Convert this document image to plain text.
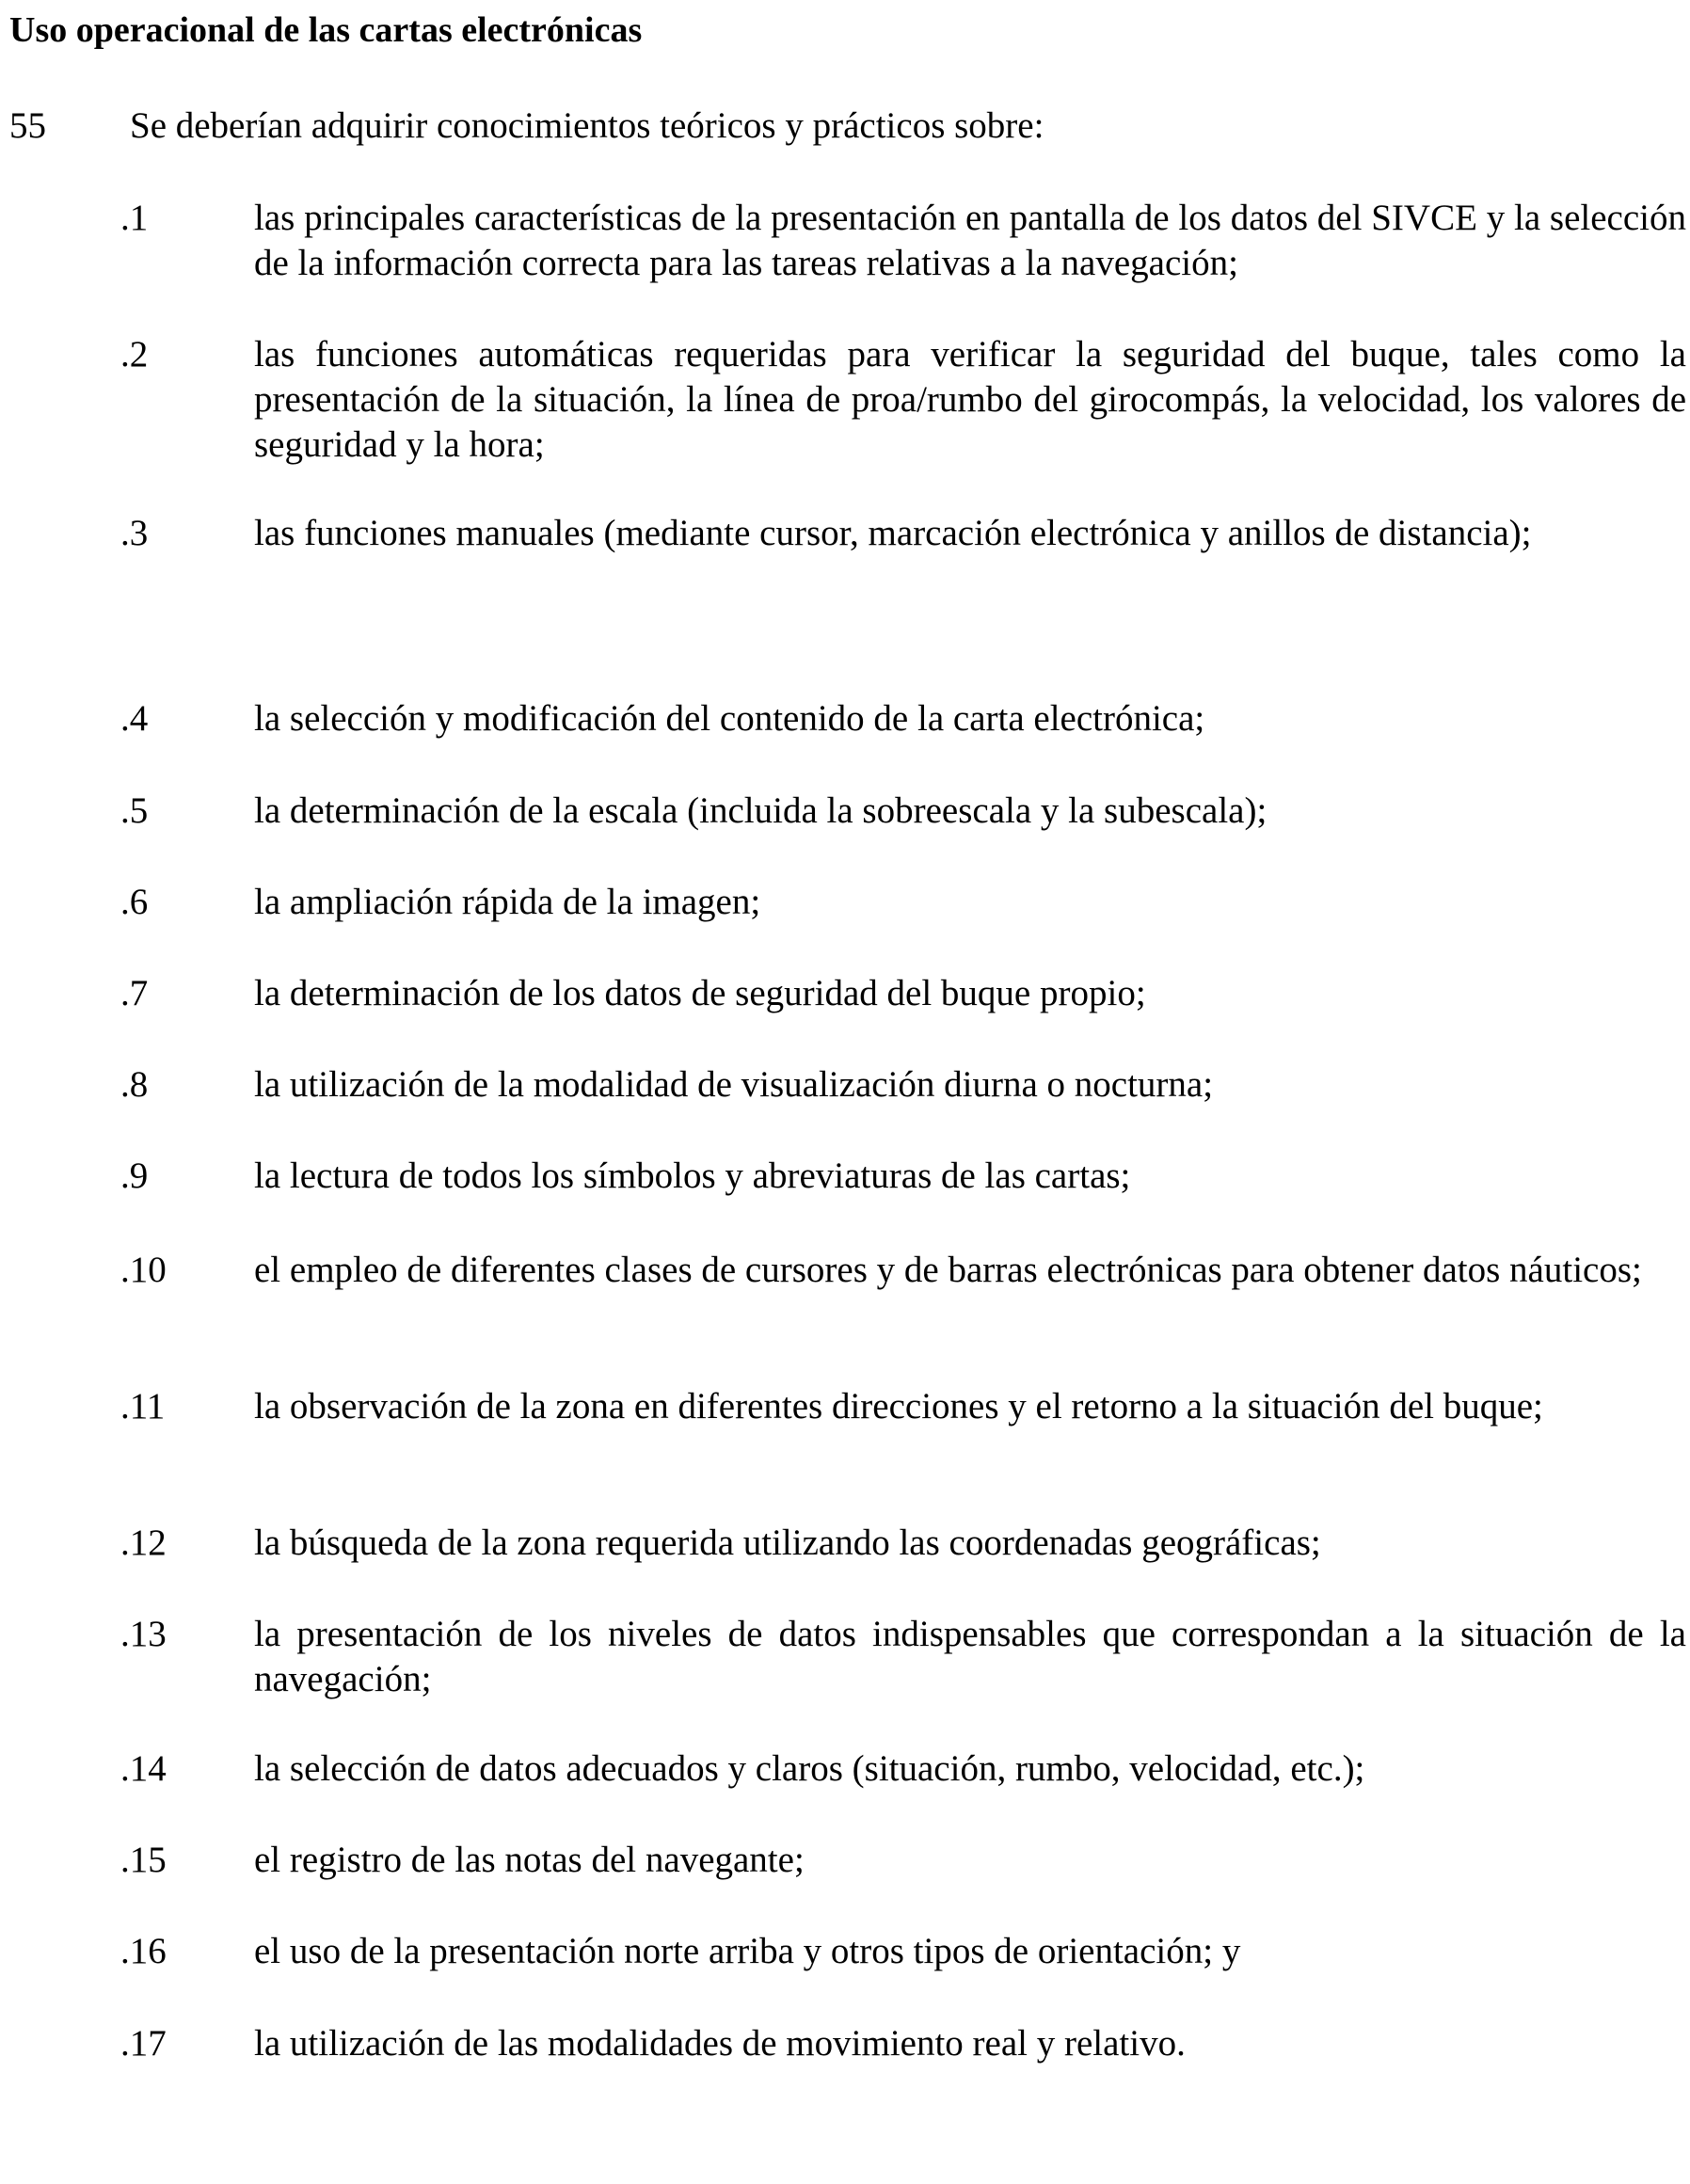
Uso operacional de las cartas electrónicas
55 Se deberían adquirir conocimientos teóricos y prácticos sobre:
.1	las principales características de la presentación en pantalla de los datos del SIVCE y la selección de la información correcta para las tareas relativas a la navegación;
.2	las funciones automáticas requeridas para verificar la seguridad del buque, tales como la presentación de la situación, la línea de proa/rumbo del girocompás, la velocidad, los valores de seguridad y la hora;
.3	las funciones manuales (mediante cursor, marcación electrónica y anillos de distancia);
.4	la selección y modificación del contenido de la carta electrónica;
.5	la determinación de la escala (incluida la sobreescala y la subescala);
.6	la ampliación rápida de la imagen;
.7	la determinación de los datos de seguridad del buque propio;
.8	la utilización de la modalidad de visualización diurna o nocturna;
.9	la lectura de todos los símbolos y abreviaturas de las cartas;
.10 el empleo de diferentes clases de cursores y de barras electrónicas para obtener datos náuticos;
.11 la observación de la zona en diferentes direcciones y el retorno a la situación del buque;
.12 la búsqueda de la zona requerida utilizando las coordenadas geográficas;
.13 la presentación de los niveles de datos indispensables que correspondan a la situación de la navegación;
.14 la selección de datos adecuados y claros (situación, rumbo, velocidad, etc.);
.15 el registro de las notas del navegante;
.16 el uso de la presentación norte arriba y otros tipos de orientación; y
.17 la utilización de las modalidades de movimiento real y relativo.
